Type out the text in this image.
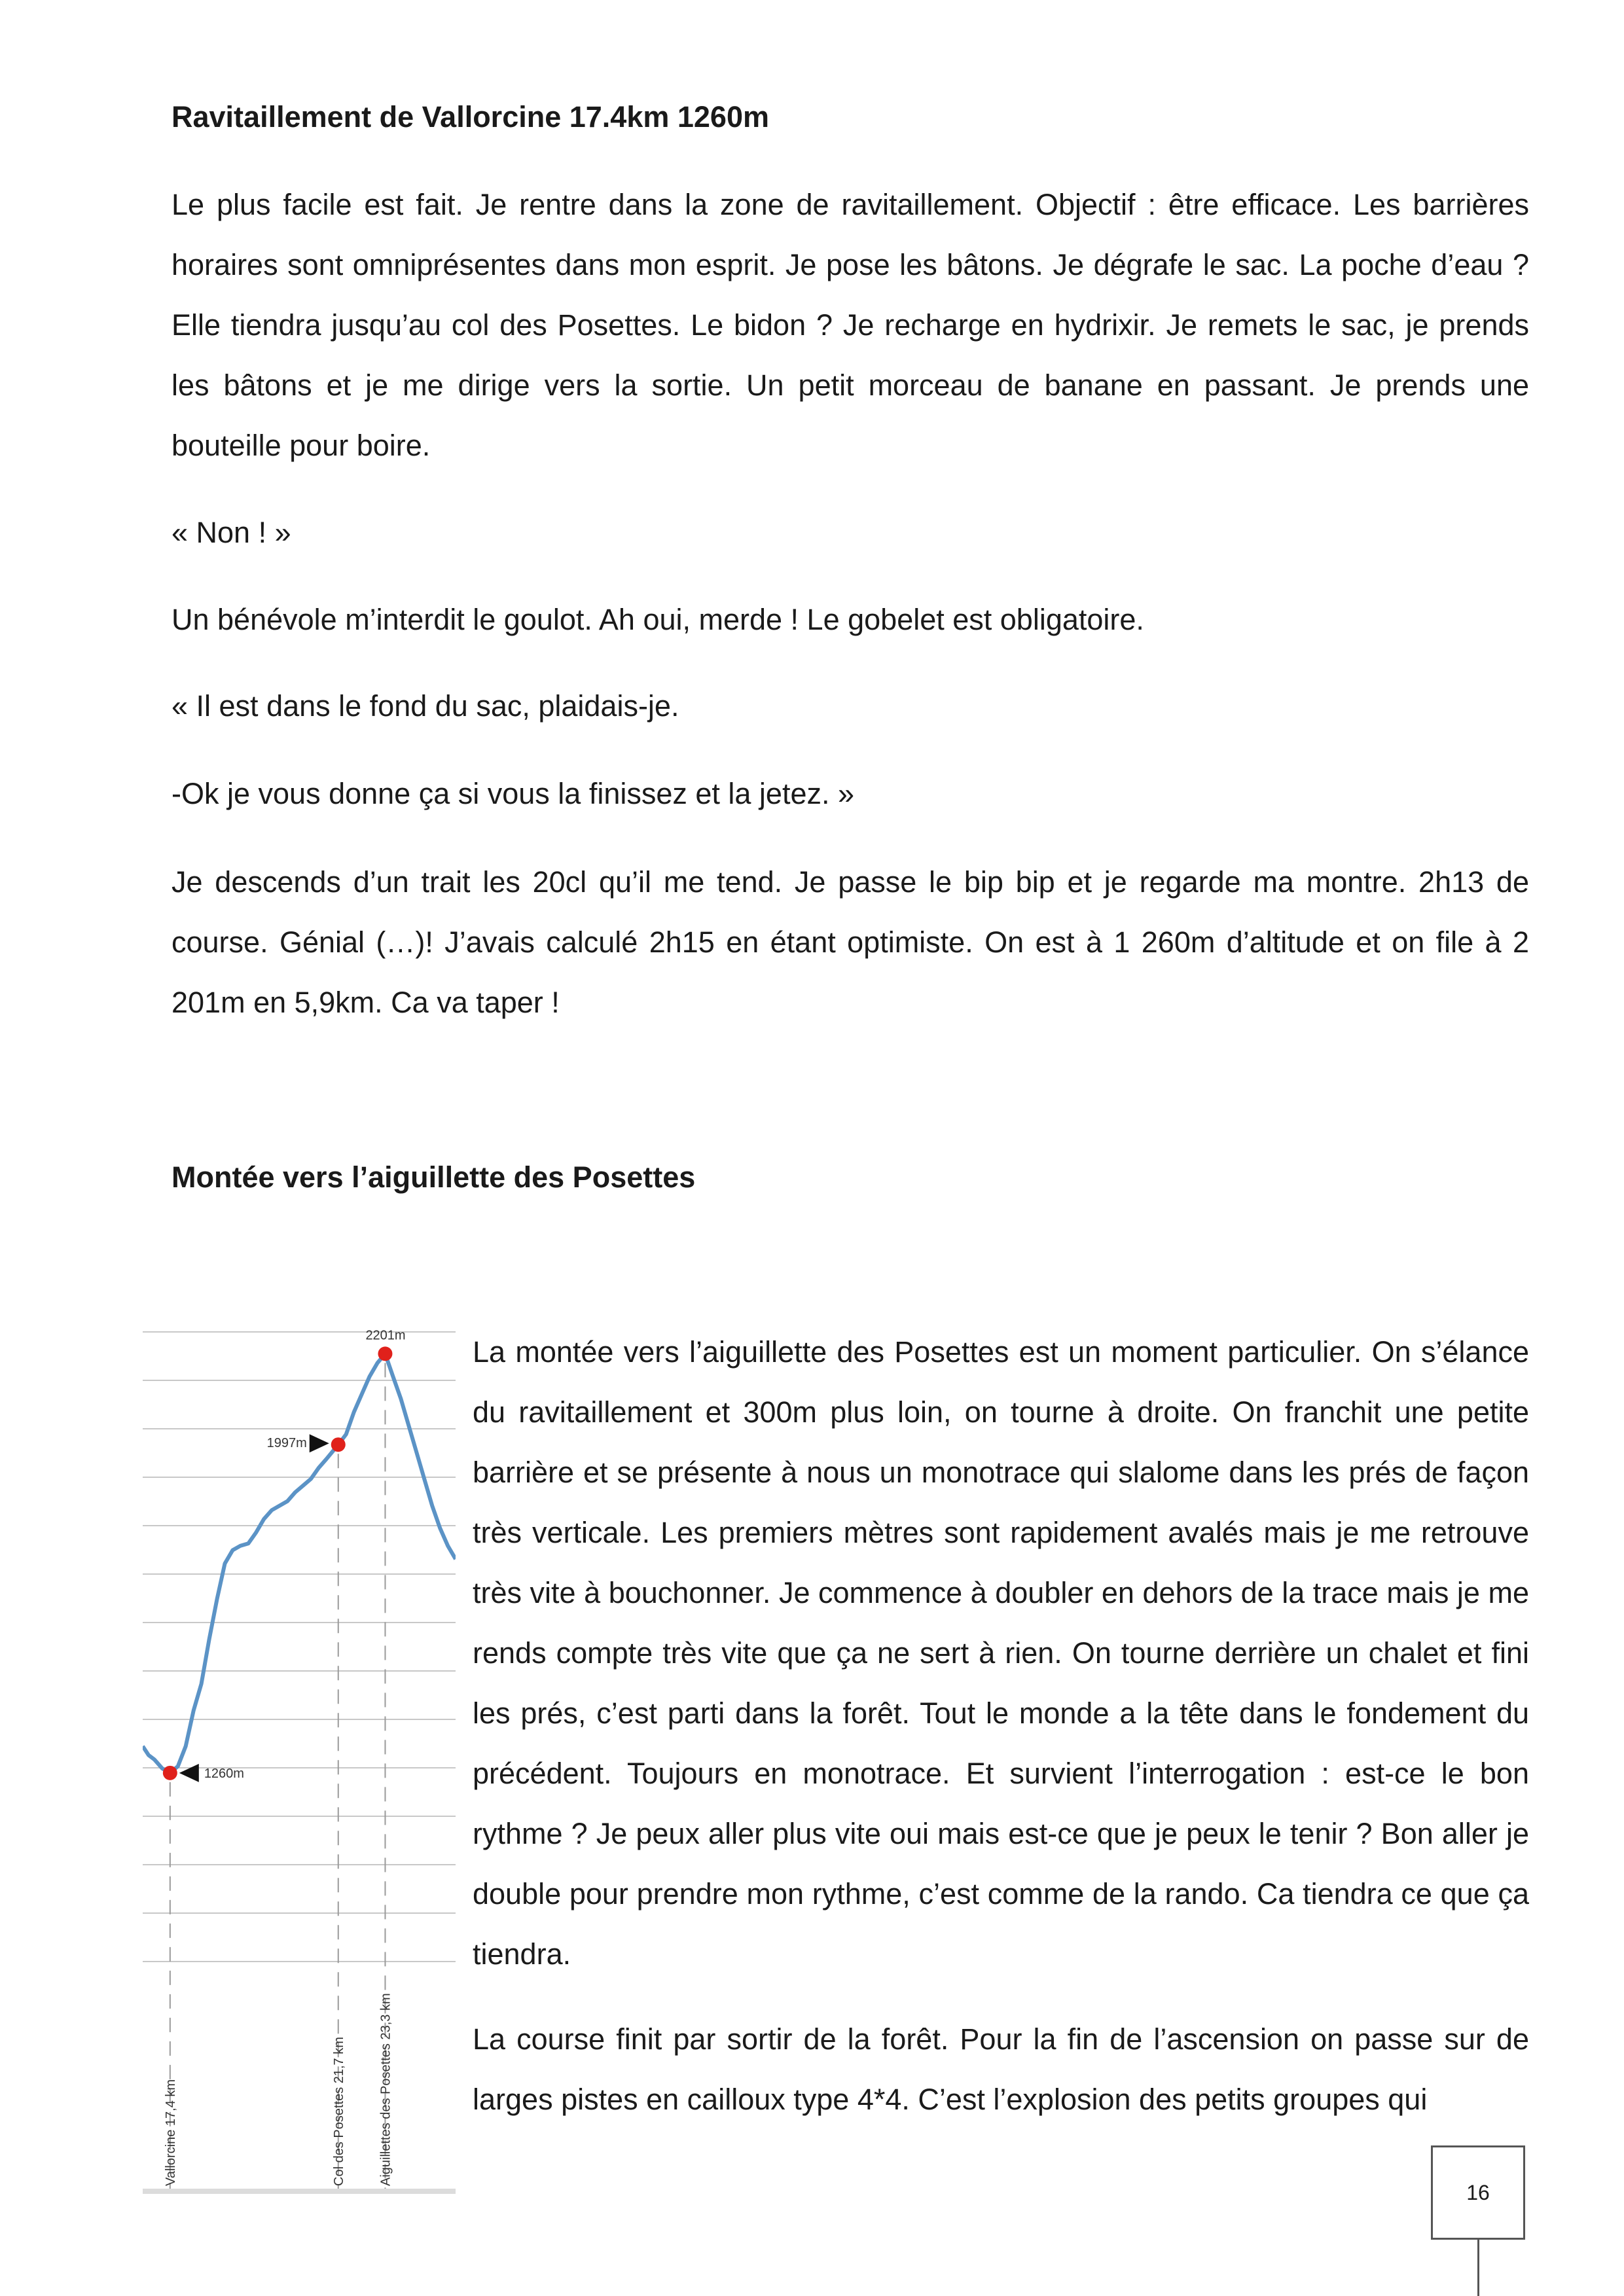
Ravitaillement de Vallorcine 17.4km 1260m

Le plus facile est fait. Je rentre dans la zone de ravitaillement. Objectif : être efficace. Les barrières horaires sont omniprésentes dans mon esprit. Je pose les bâtons. Je dégrafe le sac. La poche d’eau ? Elle tiendra jusqu’au col des Posettes. Le bidon ? Je recharge en hydrixir. Je remets le sac, je prends les bâtons et je me dirige vers la sortie. Un petit morceau de banane en passant. Je prends une bouteille pour boire.

« Non ! »

Un bénévole m’interdit le goulot. Ah oui, merde ! Le gobelet est obligatoire.

« Il est dans le fond du sac, plaidais-je.

-Ok je vous donne ça si vous la finissez et la jetez. »

Je descends d’un trait les 20cl qu’il me tend. Je passe le bip bip et je regarde ma montre. 2h13 de course. Génial (…)! J’avais calculé 2h15 en étant optimiste. On est à 1 260m d’altitude et on file à 2 201m en 5,9km. Ca va taper !

Montée vers l’aiguillette des Posettes
Vallorcine 17,4 km	Col des Posettes 21,7 km Aiguillettes des Posettes 23,3 km
2201m
1997m
1260m
16

La montée vers l’aiguillette des Posettes est un moment particulier. On s’élance du ravitaillement et 300m plus loin, on tourne à droite. On franchit une petite barrière et se présente à nous un monotrace qui slalome dans les prés de façon très verticale. Les premiers mètres sont rapidement avalés mais je me retrouve très vite à bouchonner. Je commence à doubler en dehors de la trace mais je me rends compte très vite que ça ne sert à rien. On tourne derrière un chalet et fini les prés, c’est parti dans la forêt. Tout le monde a la tête dans le fondement du précédent. Toujours en monotrace. Et survient l’interrogation : est-ce le bon rythme ? Je peux aller plus vite oui mais est-ce que je peux le tenir ? Bon aller je double pour prendre mon rythme, c’est comme de la rando. Ca tiendra ce que ça tiendra.

La course finit par sortir de la forêt. Pour la fin de l’ascension on passe sur de larges pistes en cailloux type 4*4. C’est l’explosion des petits groupes qui
